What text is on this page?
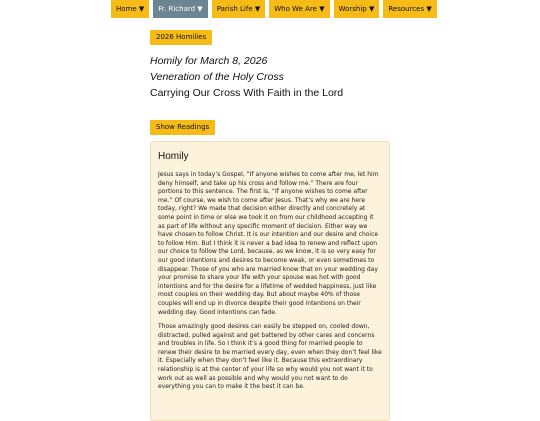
Home ▼	Fr. Richard ▼	Parish Life ▼	Who We Are ▼	Worship ▼	Resources ▼
2026 Homilies
Homily for March 8, 2026
Veneration of the Holy Cross
Carrying Our Cross With Faith in the Lord
Show Readings
Homily

Jesus says in today’s Gospel, “If anyone wishes to come after me, let him deny himself, and take up his cross and follow me.” There are four portions to this sentence. The first is, “If anyone wishes to come after me.” Of course, we wish to come after Jesus. That’s why we are here today, right? We made that decision either directly and concretely at some point in time or else we took it on from our childhood accepting it as part of life without any specific moment of decision. Either way we have chosen to follow Christ. It is our intention and our desire and choice to follow Him. But I think it is never a bad idea to renew and reflect upon our choice to follow the Lord, because, as we know, it is so very easy for our good intentions and desires to become weak, or even sometimes to disappear. Those of you who are married know that on your wedding day your promise to share your life with your spouse was hot with good intentions and for the desire for a lifetime of wedded happiness, just like most couples on their wedding day. But about maybe 40% of those couples will end up in divorce despite their good intentions on their wedding day. Good intentions can fade.

Those amazingly good desires can easily be stepped on, cooled down, distracted, pulled against and get battered by other cares and concerns and troubles in life. So I think it’s a good thing for married people to renew their desire to be married every day, even when they don’t feel like it. Especially when they don’t feel like it. Because this extraordinary relationship is at the center of your life so why would you not want it to work out as well as possible and why would you not want to do everything you can to make it the best it can be.
